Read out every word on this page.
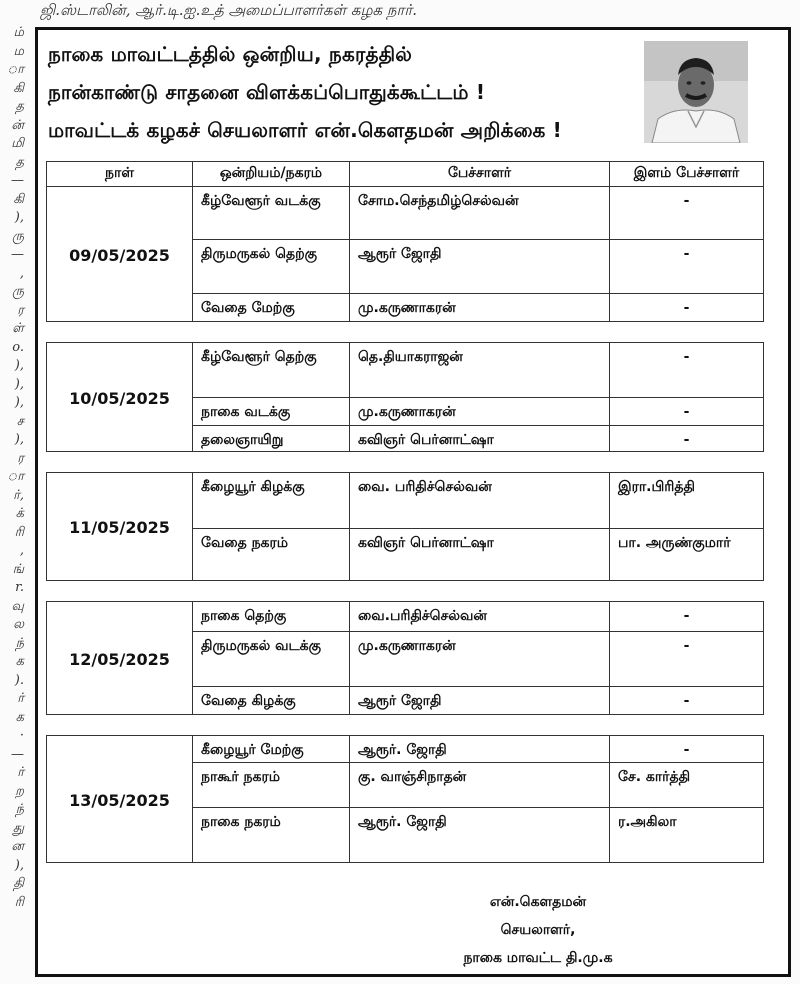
ஜி.ஸ்டாலின், ஆர்.டி.ஐ.உத் அமைப்பாளர்கள் கழக நார்.
ம்
ம
ா
கி
த
ன்
மி
த
—
கி
),
ரு
—
,
ரு
ர
ள்
o.
),
),
),
ச
),
ர
ா
ர்,
க்
ரி
,
ங்
r.
வு
ல
ந்
க
).
ர்
க
·
—
ர்
ற
ந்
து
ன
),
தி
ரி
நாகை மாவட்டத்தில் ஒன்றிய, நகரத்தில்
நான்காண்டு சாதனை விளக்கப்பொதுக்கூட்டம் !
மாவட்டக் கழகச் செயலாளர் என்.கௌதமன் அறிக்கை !
நாள்	ஒன்றியம்/நகரம்	பேச்சாளர்	இளம் பேச்சாளர்
09/05/2025	கீழ்வேளூர் வடக்கு	சோம.செந்தமிழ்செல்வன்	-
	திருமருகல் தெற்கு	ஆரூர் ஜோதி	-
	வேதை மேற்கு	மு.கருணாகரன்	-

10/05/2025	கீழ்வேளூர் தெற்கு	தெ.தியாகராஜன்	-
	நாகை வடக்கு	மு.கருணாகரன்	-
	தலைஞாயிறு	கவிஞர் பெர்னாட்ஷா	-

11/05/2025	கீழையூர் கிழக்கு	வை. பரிதிச்செல்வன்	இரா.பிரித்தி
	வேதை நகரம்	கவிஞர் பெர்னாட்ஷா	பா. அருண்குமார்

12/05/2025	நாகை தெற்கு	வை.பரிதிச்செல்வன்	-
	திருமருகல் வடக்கு	மு.கருணாகரன்	-
	வேதை கிழக்கு	ஆரூர் ஜோதி	-

13/05/2025	கீழையூர் மேற்கு	ஆரூர். ஜோதி	-
	நாகூர் நகரம்	கு. வாஞ்சிநாதன்	சே. கார்த்தி
	நாகை நகரம்	ஆரூர். ஜோதி	ர.அகிலா
என்.கௌதமன்
செயலாளர்,
நாகை மாவட்ட தி.மு.க
